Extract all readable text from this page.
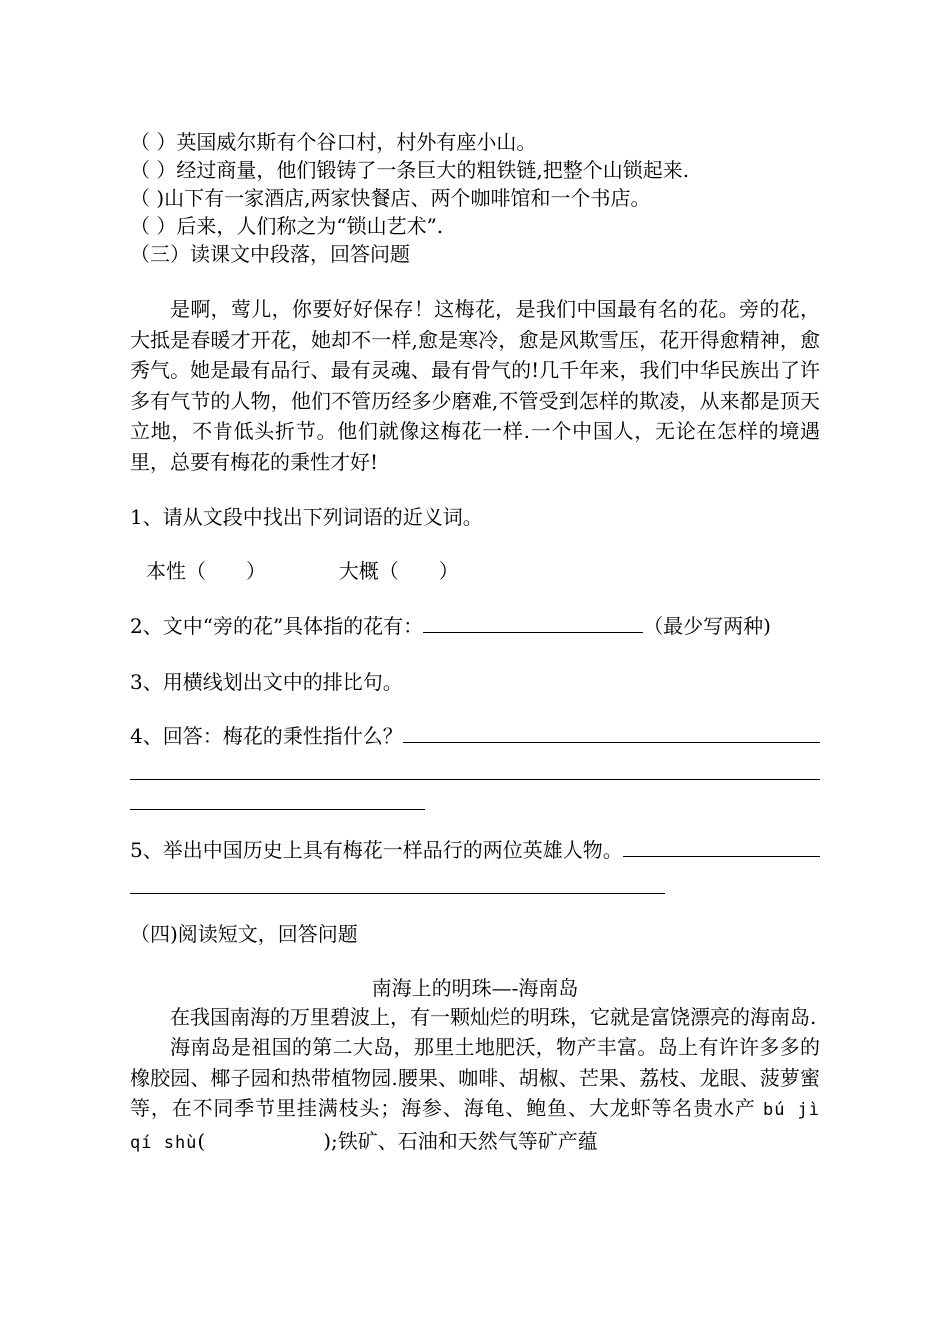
（ ）英国威尔斯有个谷口村，村外有座小山。
（ ）经过商量，他们锻铸了一条巨大的粗铁链,把整个山锁起来.
（ )山下有一家酒店,两家快餐店、两个咖啡馆和一个书店。
（ ）后来，人们称之为“锁山艺术”.
（三）读课文中段落，回答问题
是啊，莺儿，你要好好保存！这梅花，是我们中国最有名的花。旁的花，大抵是春暖才开花，她却不一样,愈是寒冷，愈是风欺雪压，花开得愈精神，愈秀气。她是最有品行、最有灵魂、最有骨气的!几千年来，我们中华民族出了许多有气节的人物，他们不管历经多少磨难,不管受到怎样的欺凌，从来都是顶天立地，不肯低头折节。他们就像这梅花一样.一个中国人，无论在怎样的境遇里，总要有梅花的秉性才好!
1、请从文段中找出下列词语的近义词。
本性（　　）	大概（　　）
2、文中“旁的花”具体指的花有：	（最少写两种)
3、用横线划出文中的排比句。
4、回答：梅花的秉性指什么？
5、举出中国历史上具有梅花一样品行的两位英雄人物。
（四)阅读短文，回答问题
南海上的明珠—-海南岛
在我国南海的万里碧波上，有一颗灿烂的明珠，它就是富饶漂亮的海南岛.
海南岛是祖国的第二大岛，那里土地肥沃，物产丰富。岛上有许许多多的橡胶园、椰子园和热带植物园.腰果、咖啡、胡椒、芒果、荔枝、龙眼、菠萝蜜等，在不同季节里挂满枝头；海参、海龟、鲍鱼、大龙虾等名贵水产 bú jì qí shù(	);铁矿、石油和天然气等矿产蕴
